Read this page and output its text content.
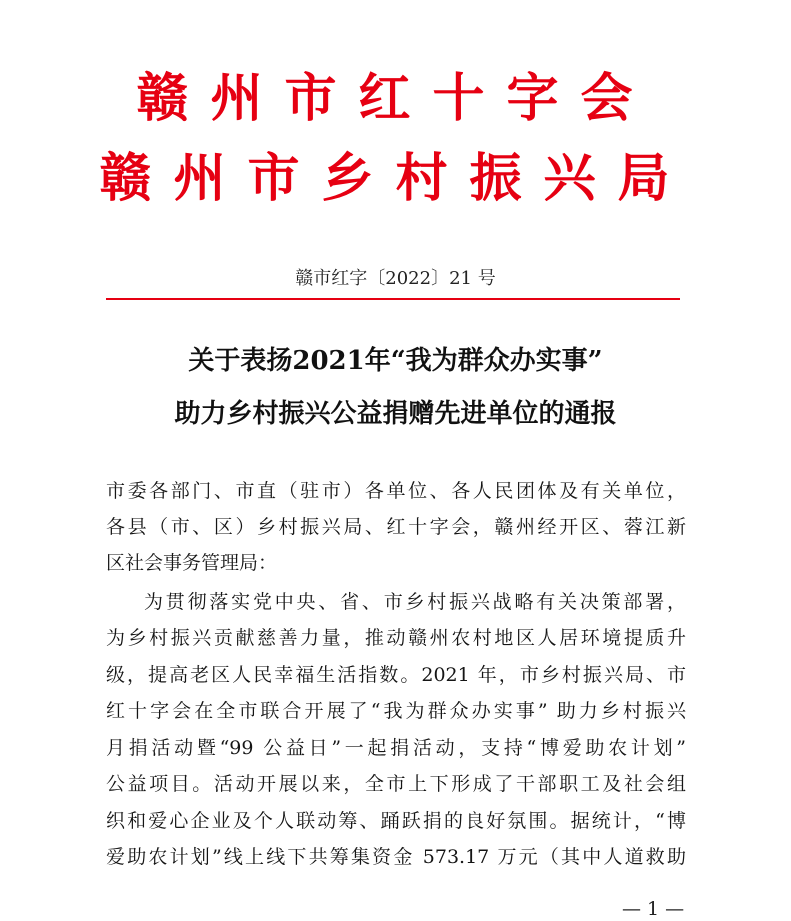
赣州市红十字会
赣州市乡村振兴局
赣市红字〔2022〕21 号
关于表扬2021年“我为群众办实事”
助力乡村振兴公益捐赠先进单位的通报
市委各部门、市直（驻市）各单位、各人民团体及有关单位，
各县（市、区）乡村振兴局、红十字会，赣州经开区、蓉江新
区社会事务管理局：
为贯彻落实党中央、省、市乡村振兴战略有关决策部署，
为乡村振兴贡献慈善力量，推动赣州农村地区人居环境提质升
级，提高老区人民幸福生活指数。2021 年，市乡村振兴局、市
红十字会在全市联合开展了“我为群众办实事” 助力乡村振兴
月捐活动暨“99 公益日”一起捐活动，支持“博爱助农计划”
公益项目。活动开展以来，全市上下形成了干部职工及社会组
织和爱心企业及个人联动筹、踊跃捐的良好氛围。据统计，“博
爱助农计划”线上线下共筹集资金 573.17 万元（其中人道救助
— 1 —
